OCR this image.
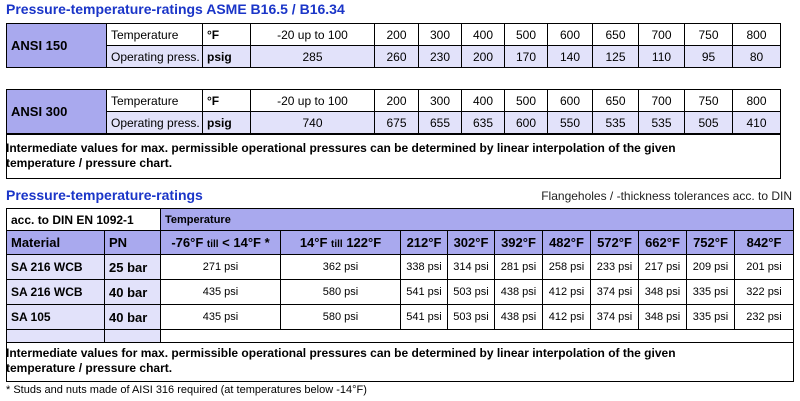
Pressure-temperature-ratings ASME B16.5 / B16.34
ANSI 150	Temperature	°F	-20 up to 100	200	300	400	500	600	650	700	750	800
	Operating press.	psig	285	260	230	200	170	140	125	110	95	80
ANSI 300	Temperature	°F	-20 up to 100	200	300	400	500	600	650	700	750	800
	Operating press.	psig	740	675	655	635	600	550	535	535	505	410
Intermediate values for max. permissible operational pressures can be determined by linear interpolation of the given
temperature / pressure chart.
Pressure-temperature-ratings	Flangeholes / -thickness tolerances acc. to DIN
acc. to DIN EN 1092-1		Temperature									
Material	PN	-76°F till < 14°F *	14°F till 122°F	212°F	302°F	392°F	482°F	572°F	662°F	752°F	842°F
SA 216 WCB	25 bar	271 psi	362 psi	338 psi	314 psi	281 psi	258 psi	233 psi	217 psi	209 psi	201 psi
SA 216 WCB	40 bar	435 psi	580 psi	541 psi	503 psi	438 psi	412 psi	374 psi	348 psi	335 psi	322 psi
SA 105	40 bar	435 psi	580 psi	541 psi	503 psi	438 psi	412 psi	374 psi	348 psi	335 psi	232 psi

Intermediate values for max. permissible operational pressures can be determined by linear interpolation of the given
temperature / pressure chart.
* Studs and nuts made of AISI 316 required (at temperatures below -14°F)
